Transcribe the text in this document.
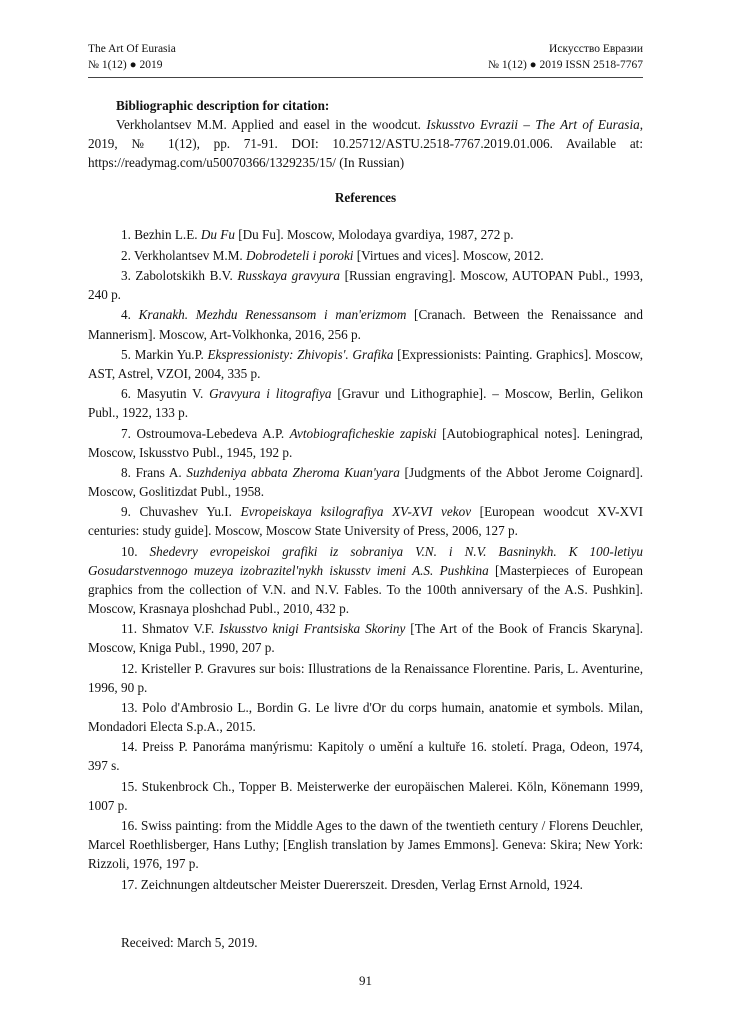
The Art Of Eurasia
№ 1(12) ● 2019
Искусство Евразии
№ 1(12) ● 2019 ISSN 2518-7767
Bibliographic description for citation:
Verkholantsev M.M. Applied and easel in the woodcut. Iskusstvo Evrazii – The Art of Eurasia, 2019, № 1(12), pp. 71-91. DOI: 10.25712/ASTU.2518-7767.2019.01.006. Available at: https://readymag.com/u50070366/1329235/15/ (In Russian)
References

1. Bezhin L.E. Du Fu [Du Fu]. Moscow, Molodaya gvardiya, 1987, 272 p.

2. Verkholantsev M.M. Dobrodeteli i poroki [Virtues and vices]. Moscow, 2012.

3. Zabolotskikh B.V. Russkaya gravyura [Russian engraving]. Moscow, AUTOPAN Publ., 1993, 240 p.

4. Kranakh. Mezhdu Renessansom i man'erizmom [Cranach. Between the Renaissance and Mannerism]. Moscow, Art-Volkhonka, 2016, 256 p.

5. Markin Yu.P. Ekspressionisty: Zhivopis'. Grafika [Expressionists: Painting. Graphics]. Moscow, AST, Astrel, VZOI, 2004, 335 p.

6. Masyutin V. Gravyura i litografiya [Gravur und Lithographie]. – Moscow, Berlin, Gelikon Publ., 1922, 133 p.

7. Ostroumova-Lebedeva A.P. Avtobiograficheskie zapiski [Autobiographical notes]. Leningrad, Moscow, Iskusstvo Publ., 1945, 192 p.

8. Frans A. Suzhdeniya abbata Zheroma Kuan'yara [Judgments of the Abbot Jerome Coignard]. Moscow, Goslitizdat Publ., 1958.

9. Chuvashev Yu.I. Evropeiskaya ksilografiya XV-XVI vekov [European woodcut XV-XVI centuries: study guide]. Moscow, Moscow State University of Press, 2006, 127 p.

10. Shedevry evropeiskoi grafiki iz sobraniya V.N. i N.V. Basninykh. K 100-letiyu Gosudarstvennogo muzeya izobrazitel'nykh iskusstv imeni A.S. Pushkina [Masterpieces of European graphics from the collection of V.N. and N.V. Fables. To the 100th anniversary of the A.S. Pushkin]. Moscow, Krasnaya ploshchad Publ., 2010, 432 p.

11. Shmatov V.F. Iskusstvo knigi Frantsiska Skoriny [The Art of the Book of Francis Skaryna]. Moscow, Kniga Publ., 1990, 207 p.

12. Kristeller P. Gravures sur bois: Illustrations de la Renaissance Florentine. Paris, L. Aventurine, 1996, 90 p.

13. Polo d'Ambrosio L., Bordin G. Le livre d'Or du corps humain, anatomie et symbols. Milan, Mondadori Electa S.p.A., 2015.

14. Preiss P. Panoráma manýrismu: Kapitoly o umění a kultuře 16. století. Praga, Odeon, 1974, 397 s.

15. Stukenbrock Ch., Topper B. Meisterwerke der europäischen Malerei. Köln, Könemann 1999, 1007 p.

16. Swiss painting: from the Middle Ages to the dawn of the twentieth century / Florens Deuchler, Marcel Roethlisberger, Hans Luthy; [English translation by James Emmons]. Geneva: Skira; New York: Rizzoli, 1976, 197 p.

17. Zeichnungen altdeutscher Meister Duererszeit. Dresden, Verlag Ernst Arnold, 1924.

Received: March 5, 2019.
91
